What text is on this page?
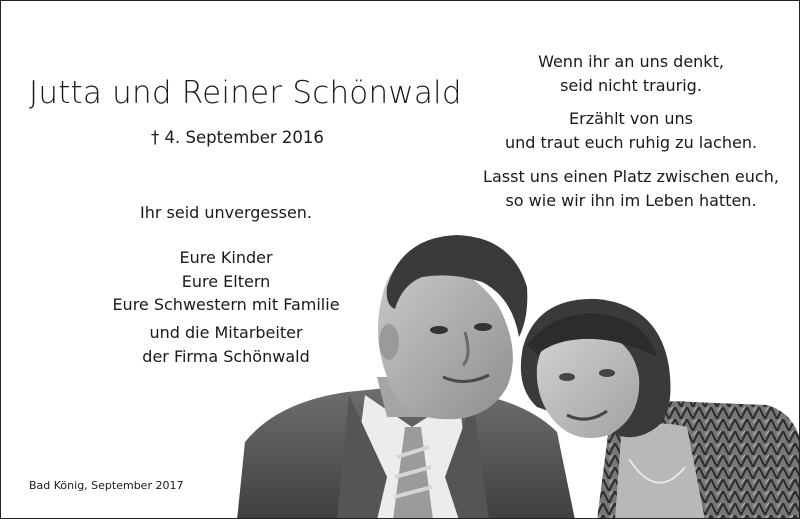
Jutta und Reiner Schönwald
† 4. September 2016
Wenn ihr an uns denkt,
seid nicht traurig.
Erzählt von uns
und traut euch ruhig zu lachen.
Lasst uns einen Platz zwischen euch,
so wie wir ihn im Leben hatten.
Ihr seid unvergessen.
Eure Kinder
Eure Eltern
Eure Schwestern mit Familie
und die Mitarbeiter
der Firma Schönwald
Bad König, September 2017
